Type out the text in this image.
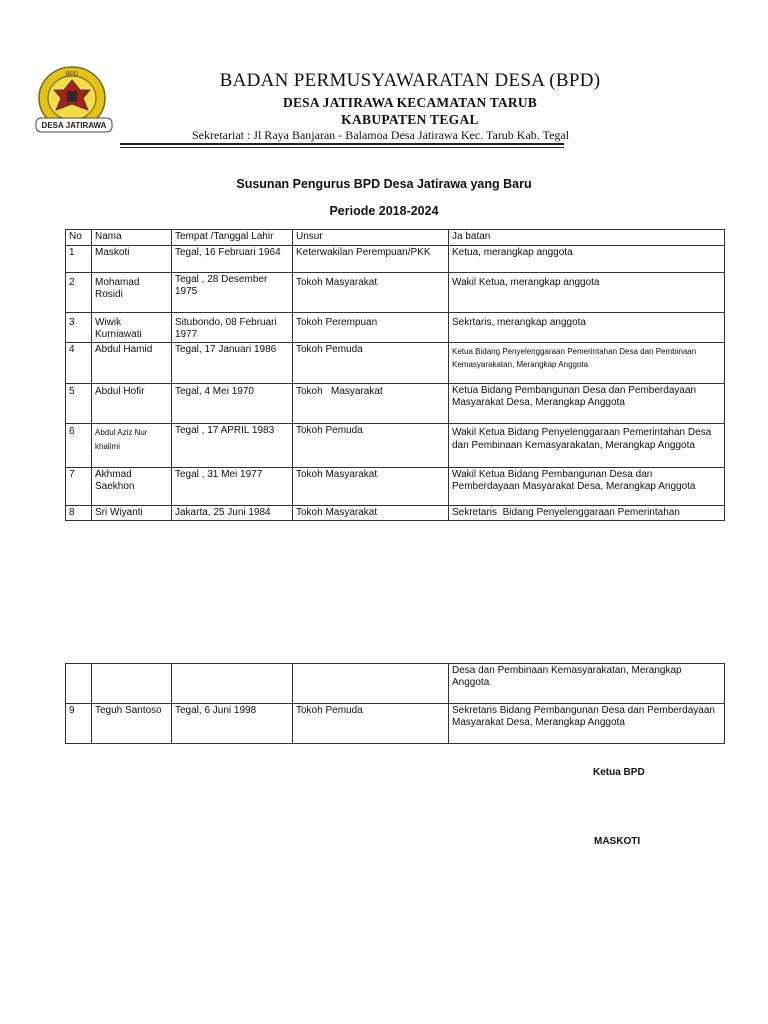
DESA JATIRAWA
BPD	BADAN PERMUSYAWARATAN DESA (BPD)
DESA JATIRAWA KECAMATAN TARUB
KABUPATEN TEGAL
Sekretariat : Jl Raya Banjaran - Balamoa Desa Jatirawa Kec. Tarub Kab. Tegal
Susunan Pengurus BPD Desa Jatirawa yang Baru
Periode 2018-2024
No	Nama	Tempat /Tanggal Lahir	Unsur	Ja batan
1	Maskoti	Tegal, 16 Februari 1964	Keterwakilan Perempuan/PKK	Ketua, merangkap anggota
2	Mohamad Rosidi	Tegal , 28 Desember 1975	Tokoh Masyarakat	Wakil Ketua, merangkap anggota
3	Wiwik Kurniawati	Situbondo, 08 Februari 1977	Tokoh Perempuan	Sekrtaris, merangkap anggota
4	Abdul Hamid	Tegal, 17 Januari 1986	Tokoh Pemuda	Ketua Bidang Penyelenggaraan Pemerintahan Desa dan Pembinaan Kemasyarakatan, Merangkap Anggota
5	Abdul Hofir	Tegal, 4 Mei 1970	Tokoh   Masyarakat	Ketua Bidang Pembangunan Desa dan Pemberdayaan Masyarakat Desa, Merangkap Anggota
6	Abdul Aziz Nur khalimi	Tegal , 17 APRIL 1983	Tokoh Pemuda	Wakil Ketua Bidang Penyelenggaraan Pemerintahan Desa dan Pembinaan Kemasyarakatan, Merangkap Anggota
7	Akhmad Saekhon	Tegal , 31 Mei 1977	Tokoh Masyarakat	Wakil Ketua Bidang Pembangunan Desa dan Pemberdayaan Masyarakat Desa, Merangkap Anggota
8	Sri Wiyanti	Jakarta, 25 Juni 1984	Tokoh Masyarakat	Sekretaris  Bidang Penyelenggaraan Pemerintahan
				Desa dan Pembinaan Kemasyarakatan, Merangkap Anggota
9	Teguh Santoso	Tegal, 6 Juni 1998	Tokoh Pemuda	Sekretaris Bidang Pembangunan Desa dan Pemberdayaan Masyarakat Desa, Merangkap Anggota
Ketua BPD
MASKOTI
